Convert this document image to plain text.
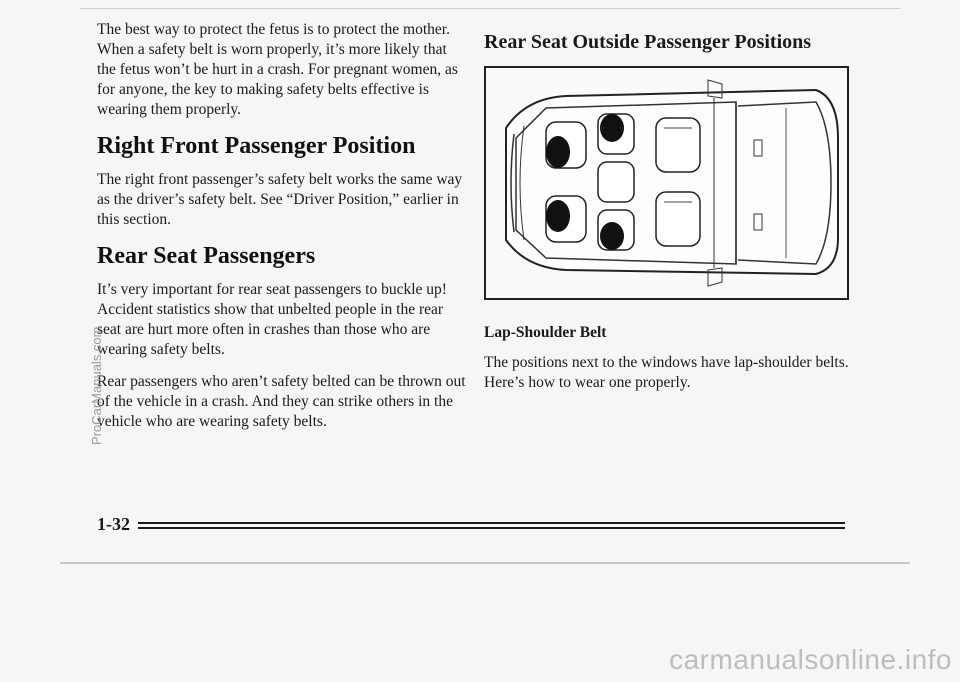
The best way to protect the fetus is to protect the mother. When a safety belt is worn properly, it’s more likely that the fetus won’t be hurt in a crash. For pregnant women, as for anyone, the key to making safety belts effective is wearing them properly.

Right Front Passenger Position

The right front passenger’s safety belt works the same way as the driver’s safety belt. See “Driver Position,” earlier in this section.

Rear Seat Passengers

It’s very important for rear seat passengers to buckle up! Accident statistics show that unbelted people in the rear seat are hurt more often in crashes than those who are wearing safety belts.

Rear passengers who aren’t safety belted can be thrown out of the vehicle in a crash. And they can strike others in the vehicle who are wearing safety belts.

Rear Seat Outside Passenger Positions
Lap-Shoulder Belt

The positions next to the windows have lap-shoulder belts. Here’s how to wear one properly.

1-32
ProCarManuals.com
carmanualsonline.info
